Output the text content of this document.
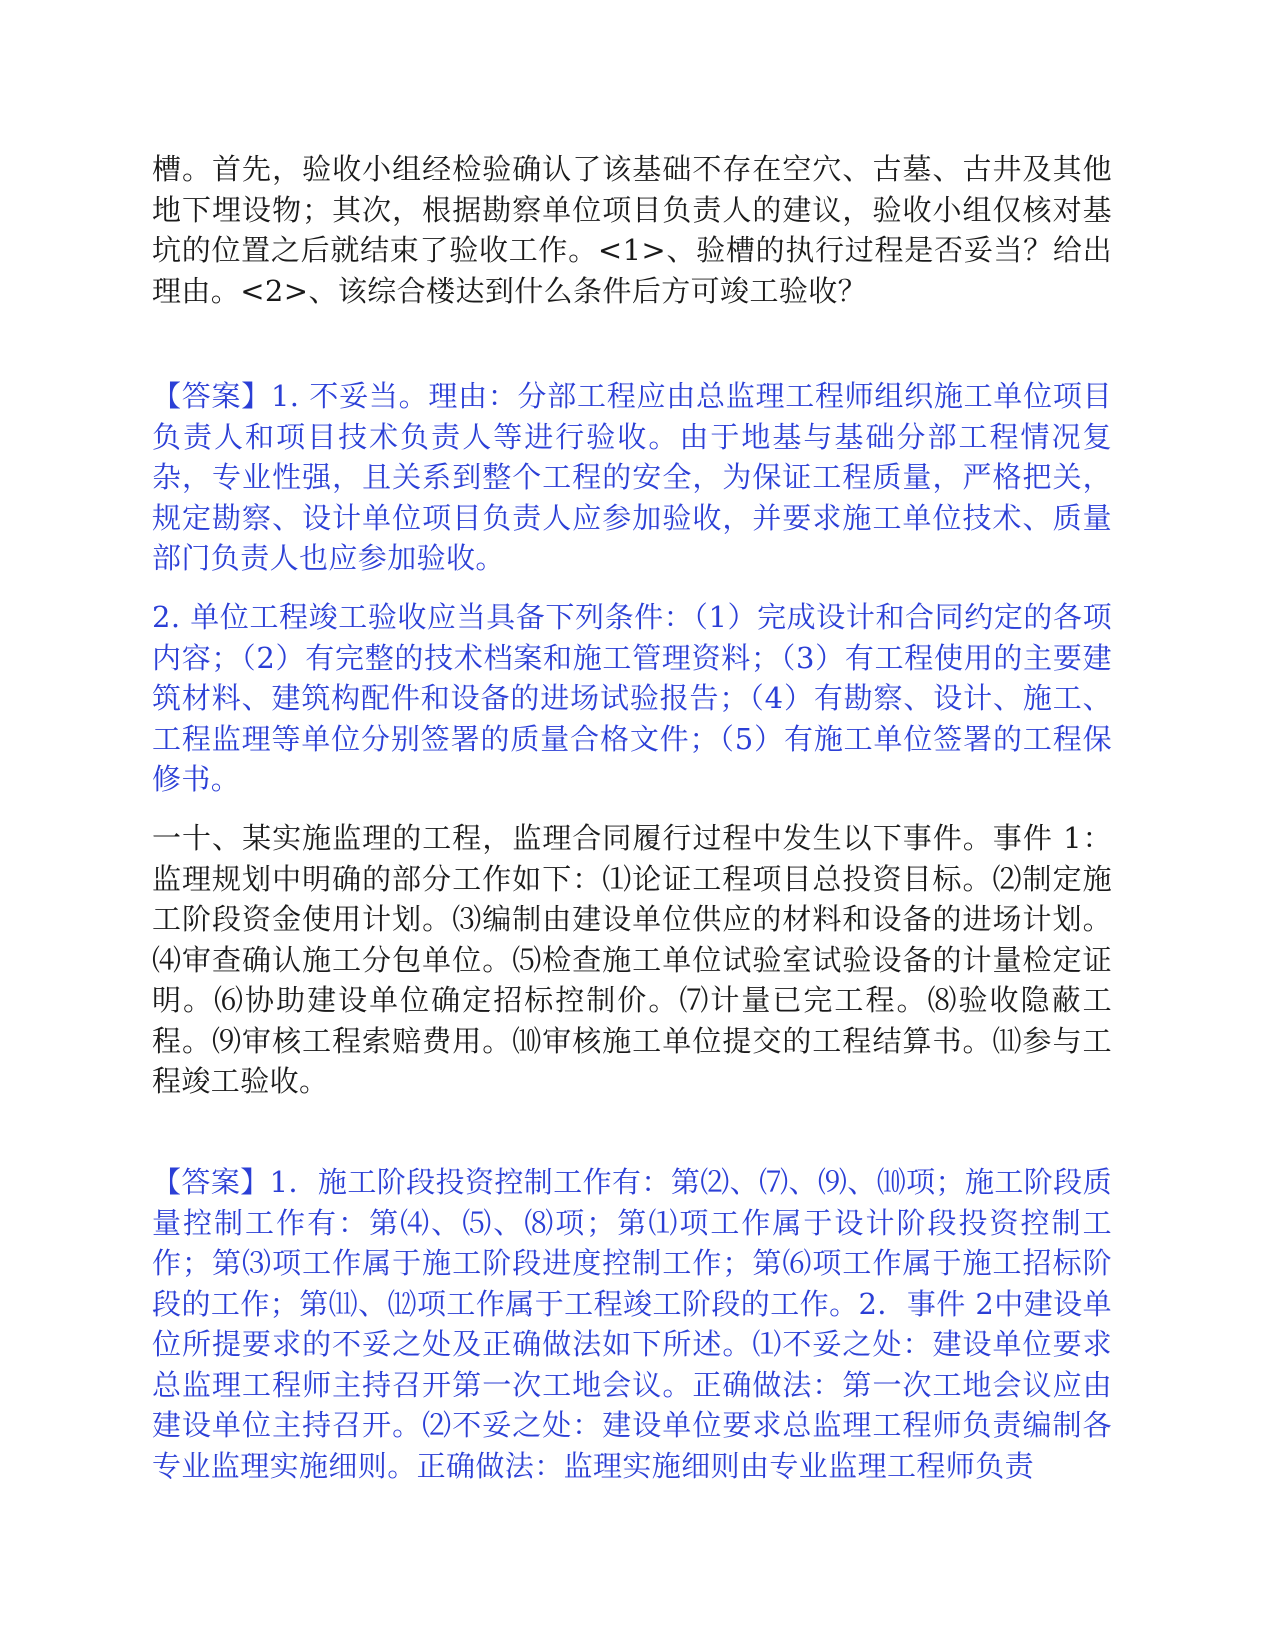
槽。首先，验收小组经检验确认了该基础不存在空穴、古墓、古井及其他地下埋设物；其次，根据勘察单位项目负责人的建议，验收小组仅核对基坑的位置之后就结束了验收工作。<1>、验槽的执行过程是否妥当？给出理由。<2>、该综合楼达到什么条件后方可竣工验收？

【答案】1. 不妥当。理由：分部工程应由总监理工程师组织施工单位项目负责人和项目技术负责人等进行验收。由于地基与基础分部工程情况复杂，专业性强，且关系到整个工程的安全，为保证工程质量，严格把关，规定勘察、设计单位项目负责人应参加验收，并要求施工单位技术、质量部门负责人也应参加验收。

2. 单位工程竣工验收应当具备下列条件：（1）完成设计和合同约定的各项内容；（2）有完整的技术档案和施工管理资料；（3）有工程使用的主要建筑材料、建筑构配件和设备的进场试验报告；（4）有勘察、设计、施工、工程监理等单位分别签署的质量合格文件；（5）有施工单位签署的工程保修书。

一十、某实施监理的工程，监理合同履行过程中发生以下事件。事件 1：监理规划中明确的部分工作如下：⑴论证工程项目总投资目标。⑵制定施工阶段资金使用计划。⑶编制由建设单位供应的材料和设备的进场计划。⑷审查确认施工分包单位。⑸检查施工单位试验室试验设备的计量检定证明。⑹协助建设单位确定招标控制价。⑺计量已完工程。⑻验收隐蔽工程。⑼审核工程索赔费用。⑽审核施工单位提交的工程结算书。⑾参与工程竣工验收。

【答案】1．施工阶段投资控制工作有：第⑵、⑺、⑼、⑽项；施工阶段质量控制工作有：第⑷、⑸、⑻项；第⑴项工作属于设计阶段投资控制工作；第⑶项工作属于施工阶段进度控制工作；第⑹项工作属于施工招标阶段的工作；第⑾、⑿项工作属于工程竣工阶段的工作。2．事件 2中建设单位所提要求的不妥之处及正确做法如下所述。⑴不妥之处：建设单位要求总监理工程师主持召开第一次工地会议。正确做法：第一次工地会议应由建设单位主持召开。⑵不妥之处：建设单位要求总监理工程师负责编制各专业监理实施细则。正确做法：监理实施细则由专业监理工程师负责
